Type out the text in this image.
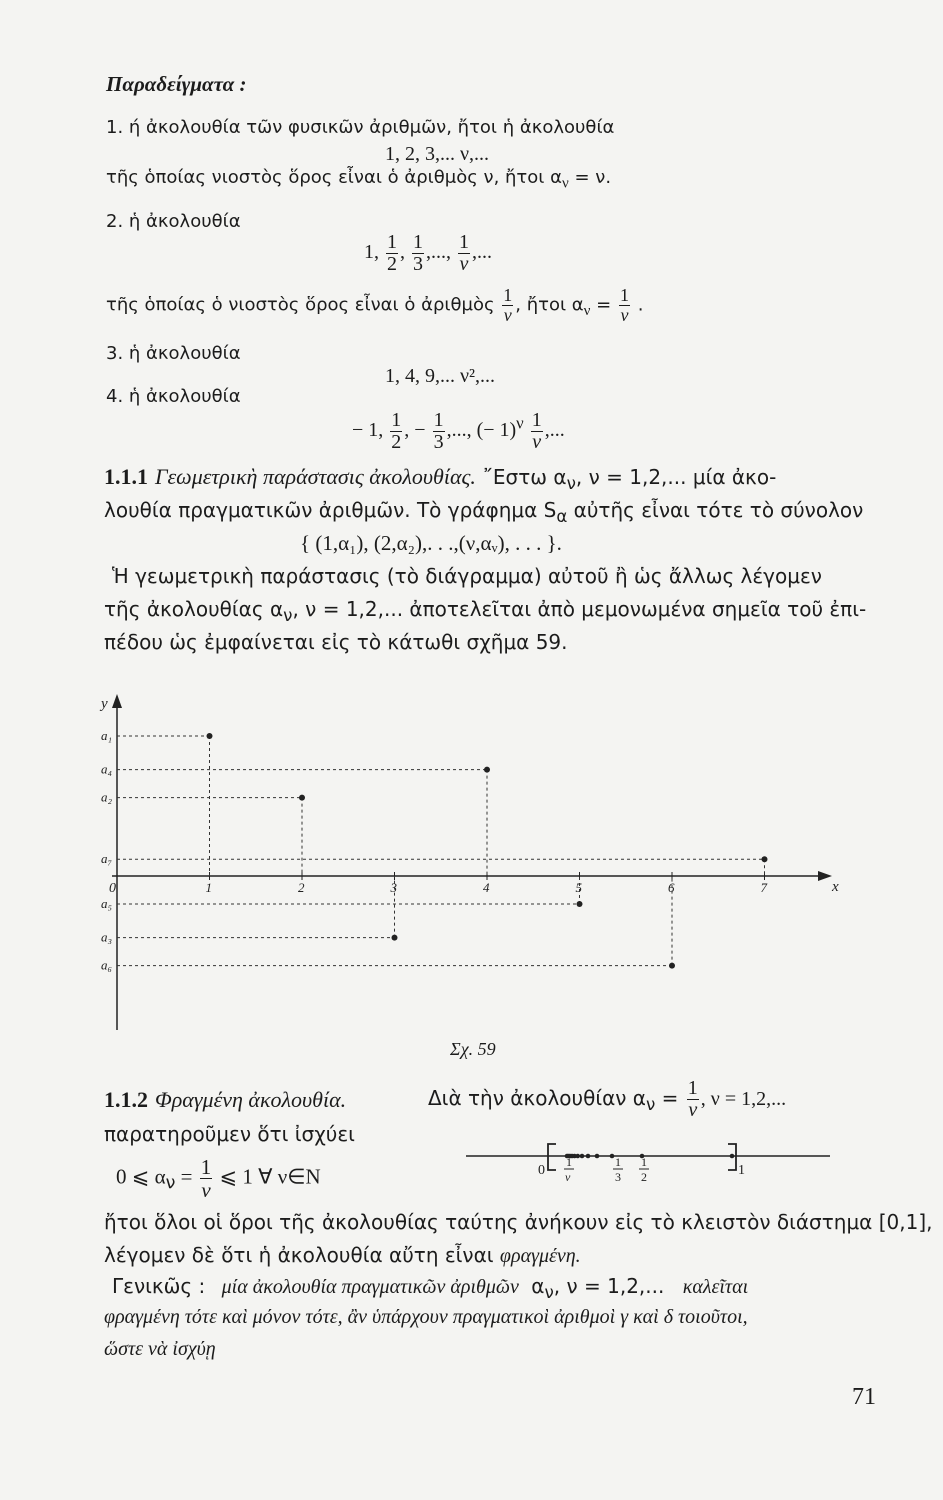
Παραδείγματα :
1. ή ἀκολουθία τῶν φυσικῶν ἀριθμῶν, ἤτοι ἡ ἀκολουθία
1, 2, 3,... ν,...
τῆς ὁποίας νιοστὸς ὅρος εἶναι ὁ ἀριθμὸς ν, ἤτοι $\alpha_\nu = \nu$.
2. ἡ ἀκολουθία
1, $\frac{1}{2}$ , $\frac{1}{3}$ ,..., $\frac{1}{\nu}$ ,...
τῆς ὁποίας ὁ νιοστὸς ὅρος εἶναι ὁ ἀριθμὸς $\frac{1}{\nu}$ , ἤτοι $\alpha_\nu = \frac{1}{\nu}$ .
3. ἡ ἀκολουθία
1, 4, 9,... ν²,...
4. ἡ ἀκολουθία
− 1, $\frac{1}{2}$ , − $\frac{1}{3}$ ,..., (− $1)^\nu \frac{1}{\nu}$ ,...
1.1.1 Γεωμετρικὴ παράστασις ἀκολουθίας. ῎Εστω $\alpha_\nu$, ν = 1,2,... μία ἀκο-
λουθία πραγματικῶν ἀριθμῶν. Τὸ γράφημα $S_\alpha$ αὐτῆς εἶναι τότε τὸ σύνολον
{ (1,α₁), (2,α₂),. . .,(ν,αᵥ), . . . }.
Ἡ γεωμετρικὴ παράστασις (τὸ διάγραμμα) αὐτοῦ ἢ ὡς ἄλλως λέγομεν
τῆς ἀκολουθίας $\alpha_\nu$, ν = 1,2,... ἀποτελεῖται ἀπὸ μεμονωμένα σημεῖα τοῦ ἐπι-
πέδου ὡς ἐμφαίνεται εἰς τὸ κάτωθι σχῆμα 59.
y
x
0	1	2	3	4	5	6	7
a₁
a₂
a₃
a₄
a₅
a₆
a₇
Σχ. 59
1.1.2 Φραγμένη ἀκολουθία.	Διὰ τὴν ἀκολουθίαν $\alpha_\nu = \frac{1}{\nu}$ , ν = 1,2,...
παρατηροῦμεν ὅτι ἰσχύει
0 ⩽ $\alpha_\nu = \frac{1}{\nu}$ ⩽ 1 ∀ ν∈N	0	1
1
ν
1
3
1
2
ἤτοι ὅλοι οἱ ὅροι τῆς ἀκολουθίας ταύτης ἀνήκουν εἰς τὸ κλειστὸν διάστημα [0,1],
λέγομεν δὲ ὅτι ἡ ἀκολουθία αὔτη εἶναι φραγμένη.
Γενικῶς : μία ἀκολουθία πραγματικῶν ἀριθμῶν $\alpha_\nu$, ν = 1,2,... καλεῖται
φραγμένη τότε καὶ μόνον τότε, ἂν ὑπάρχουν πραγματικοὶ ἀριθμοὶ γ καὶ δ τοιοῦτοι,
ὥστε νὰ ἰσχύῃ
71
